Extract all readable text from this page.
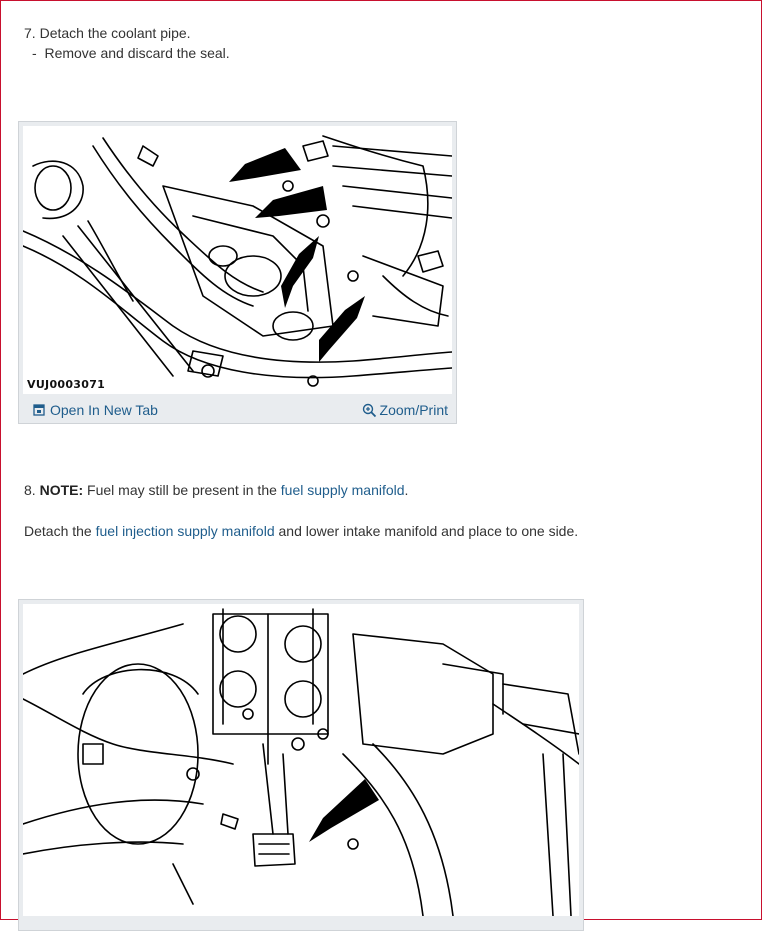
7. Detach the coolant pipe.
- Remove and discard the seal.
VUJ0003071
Open In New Tab	Zoom/Print
8. NOTE: Fuel may still be present in the fuel supply manifold.
Detach the fuel injection supply manifold and lower intake manifold and place to one side.
